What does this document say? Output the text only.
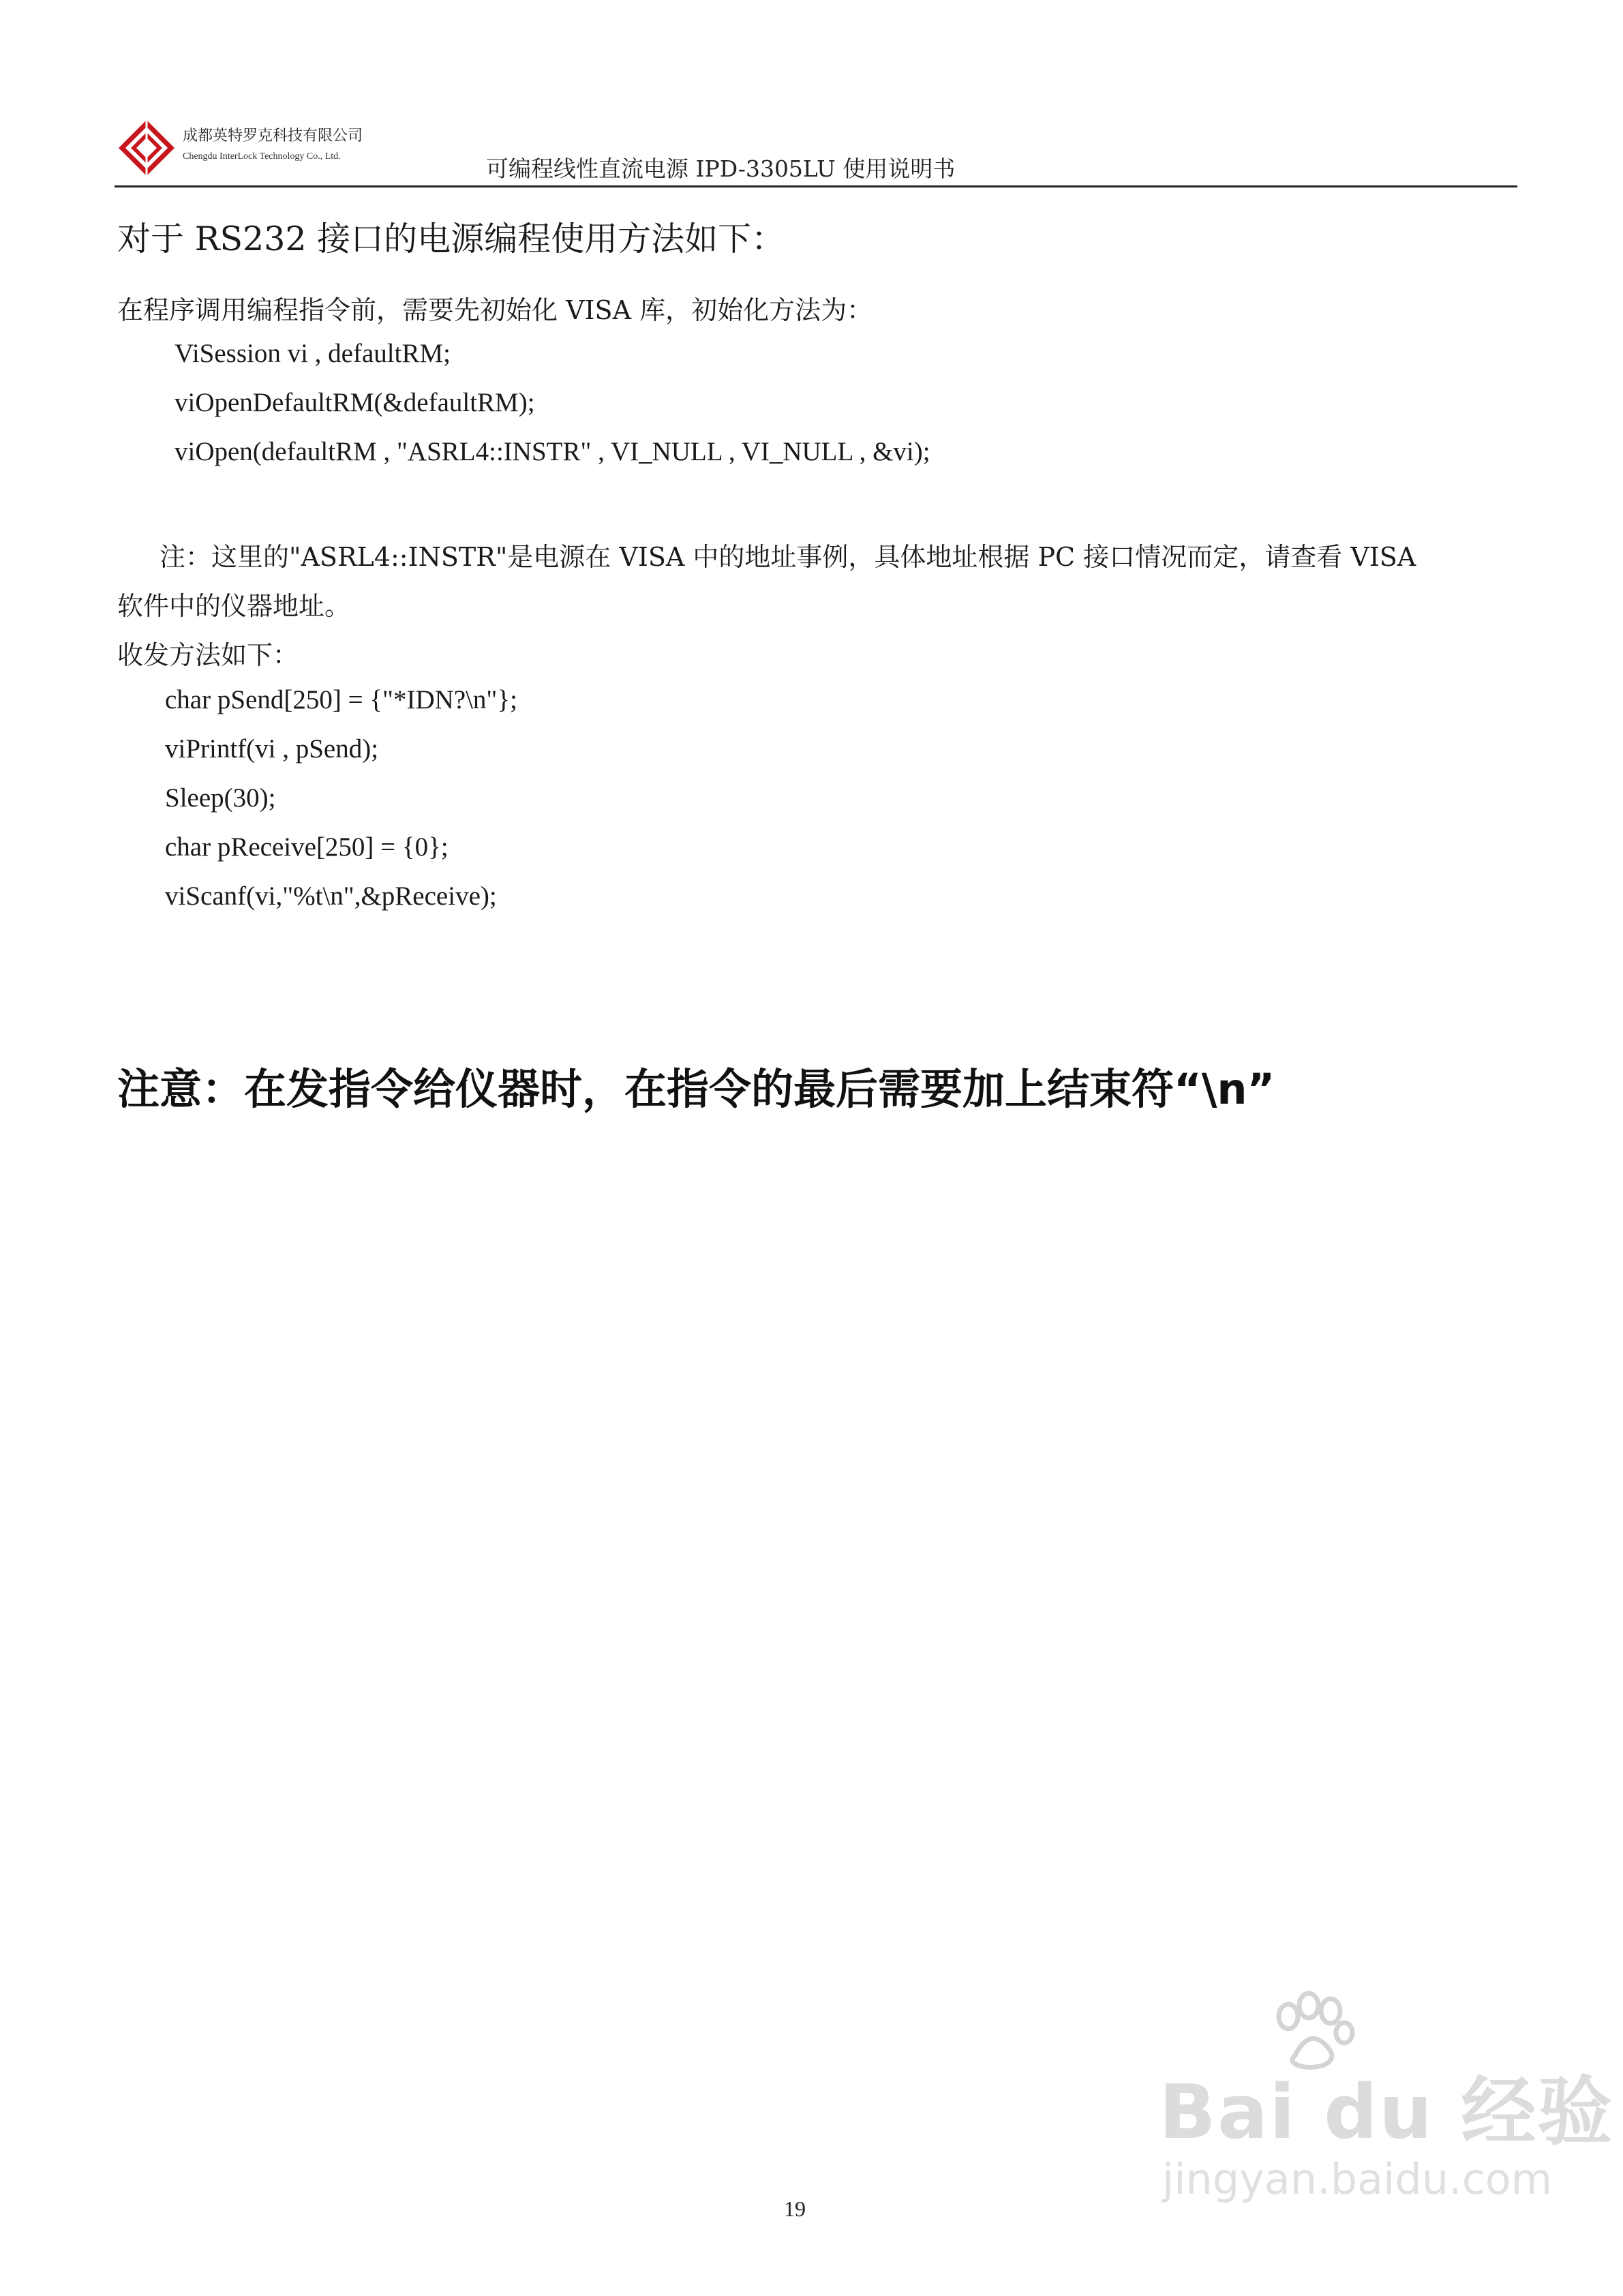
成都英特罗克科技有限公司
Chengdu InterLock Technology Co., Ltd.	可编程线性直流电源 IPD-3305LU 使用说明书
对于 RS232 接口的电源编程使用方法如下：
在程序调用编程指令前，需要先初始化 VISA 库，初始化方法为：
ViSession vi , defaultRM;
viOpenDefaultRM(&defaultRM);
viOpen(defaultRM , "ASRL4::INSTR" , VI_NULL , VI_NULL , &vi);
注：这里的"ASRL4::INSTR"是电源在 VISA 中的地址事例，具体地址根据 PC 接口情况而定，请查看 VISA
软件中的仪器地址。
收发方法如下：
char pSend[250] = {"*IDN?\n"};
viPrintf(vi , pSend);
Sleep(30);
char pReceive[250] = {0};
viScanf(vi,"%t\n",&pReceive);
注意：在发指令给仪器时，在指令的最后需要加上结束符“\n”
19
Bai du 经验
jingyan.baidu.com
